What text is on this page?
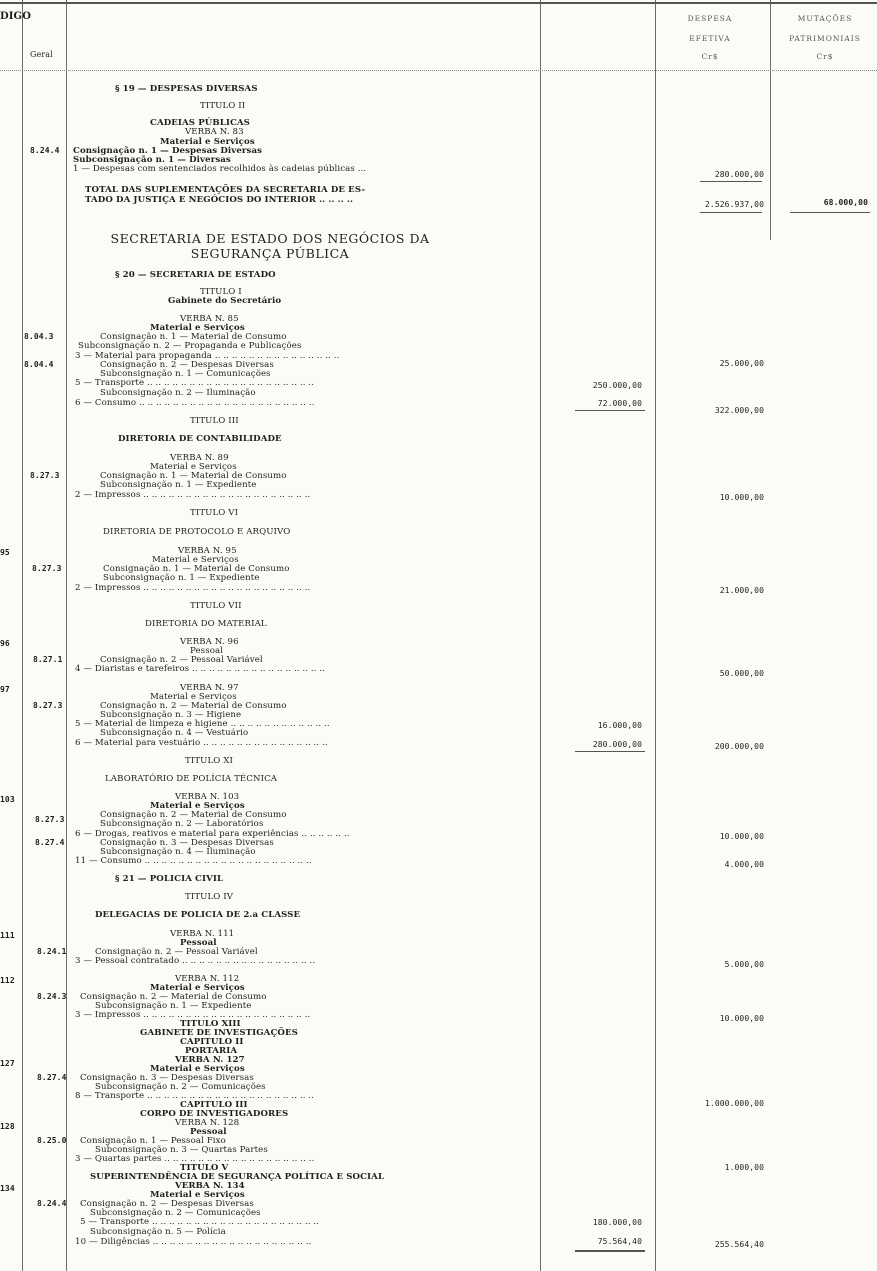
DIGO
Geral
DESPESA
EFETIVA
Cr$
MUTAÇÕES
PATRIMONIAIS
Cr$
SECRETARIA DE ESTADO DOS NEGÓCIOS DA
SEGURANÇA PÚBLICA
§ 19 — DESPESAS DIVERSAS
TITULO II
CADEIAS PÚBLICAS
VERBA N. 83
Material e Serviços
Consignação n. 1 — Despesas Diversas
Subconsignação n. 1 — Diversas
1 — Despesas com sentenciados recolhidos às cadeias públicas ...
TOTAL DAS SUPLEMENTAÇÕES DA SECRETARIA DE ES-
TADO DA JUSTIÇA E NEGÓCIOS DO INTERIOR .. .. .. ..
§ 20 — SECRETARIA DE ESTADO
TITULO I
Gabinete do Secretário
VERBA N. 85
Material e Serviços
Consignação n. 1 — Material de Consumo
Subconsignação n. 2 — Propaganda e Publicações
3 — Material para propaganda .. .. .. .. .. .. .. .. .. .. .. .. .. .. ..
Consignação n. 2 — Despesas Diversas
Subconsignação n. 1 — Comunicações
5 — Transporte .. .. .. .. .. .. .. .. .. .. .. .. .. .. .. .. .. .. .. ..
Subconsignação n. 2 — Iluminação
6 — Consumo .. .. .. .. .. .. .. .. .. .. .. .. .. .. .. .. .. .. .. .. ..
TITULO III
DIRETORIA DE CONTABILIDADE
VERBA N. 89
Material e Serviços
Consignação n. 1 — Material de Consumo
Subconsignação n. 1 — Expediente
2 — Impressos .. .. .. .. .. .. .. .. .. .. .. .. .. .. .. .. .. .. .. ..
TITULO VI
DIRETORIA DE PROTOCOLO E ARQUIVO
VERBA N. 95
Material e Serviços
Consignação n. 1 — Material de Consumo
Subconsignação n. 1 — Expediente
2 — Impressos .. .. .. .. .. .. .. .. .. .. .. .. .. .. .. .. .. .. .. ..
TITULO VII
DIRETORIA DO MATERIAL
VERBA N. 96
Pessoal
Consignação n. 2 — Pessoal Variável
4 — Diaristas e tarefeiros .. .. .. .. .. .. .. .. .. .. .. .. .. .. .. ..
VERBA N. 97
Material e Serviços
Consignação n. 2 — Material de Consumo
Subconsignação n. 3 — Higiene
5 — Material de limpeza e higiene .. .. .. .. .. .. .. .. .. .. .. ..
Subconsignação n. 4 — Vestuário
6 — Material para vestuário .. .. .. .. .. .. .. .. .. .. .. .. .. .. ..
TITULO XI
LABORATÓRIO DE POLÍCIA TÉCNICA
VERBA N. 103
Material e Serviços
Consignação n. 2 — Material de Consumo
Subconsignação n. 2 — Laboratórios
6 — Drogas, reativos e material para experiências .. .. .. .. .. ..
Consignação n. 3 — Despesas Diversas
Subconsignação n. 4 — Iluminação
11 — Consumo .. .. .. .. .. .. .. .. .. .. .. .. .. .. .. .. .. .. .. ..
§ 21 — POLICIA CIVIL
TITULO IV
DELEGACIAS DE POLICIA DE 2.a CLASSE
VERBA N. 111
Pessoal
Consignação n. 2 — Pessoal Variável
3 — Pessoal contratado .. .. .. .. .. .. .. .. .. .. .. .. .. .. .. ..
VERBA N. 112
Material e Serviços
Consignação n. 2 — Material de Consumo
Subconsignação n. 1 — Expediente
3 — Impressos .. .. .. .. .. .. .. .. .. .. .. .. .. .. .. .. .. .. .. ..
TITULO XIII
GABINETE DE INVESTIGAÇÕES
CAPITULO II
PORTARIA
VERBA N. 127
Material e Serviços
Consignação n. 3 — Despesas Diversas
Subconsignação n. 2 — Comunicações
8 — Transporte .. .. .. .. .. .. .. .. .. .. .. .. .. .. .. .. .. .. .. ..
CAPITULO III
CORPO DE INVESTIGADORES
VERBA N. 128
Pessoal
Consignação n. 1 — Pessoal Fixo
Subconsignação n. 3 — Quartas Partes
3 — Quartas partes .. .. .. .. .. .. .. .. .. .. .. .. .. .. .. .. .. ..
TITULO V
SUPERINTENDÊNCIA DE SEGURANÇA POLÍTICA E SOCIAL
VERBA N. 134
Material e Serviços
Consignação n. 2 — Despesas Diversas
Subconsignação n. 2 — Comunicações
5 — Transporte .. .. .. .. .. .. .. .. .. .. .. .. .. .. .. .. .. .. .. ..
Subconsignação n. 5 — Polícia
10 — Diligências .. .. .. .. .. .. .. .. .. .. .. .. .. .. .. .. .. .. ..
8.24.4
8.04.3
8.04.4
8.27.3
8.27.3
8.27.1
8.27.3
8.27.3
8.27.4
8.24.1
8.24.3
8.27.4
8.25.0
8.24.4
95
96
97
103
111
112
127
128
134
250.000,00
72.000,00
16.000,00
280.000,00
180.000,00
75.564,40
280.000,00
2.526.937,00
25.000,00
322.000,00
10.000,00
21.000,00
50.000,00
200.000,00
10.000,00
4.000,00
5.000,00
10.000,00
1.000.000,00
1.000,00
255.564,40
68.000,00
